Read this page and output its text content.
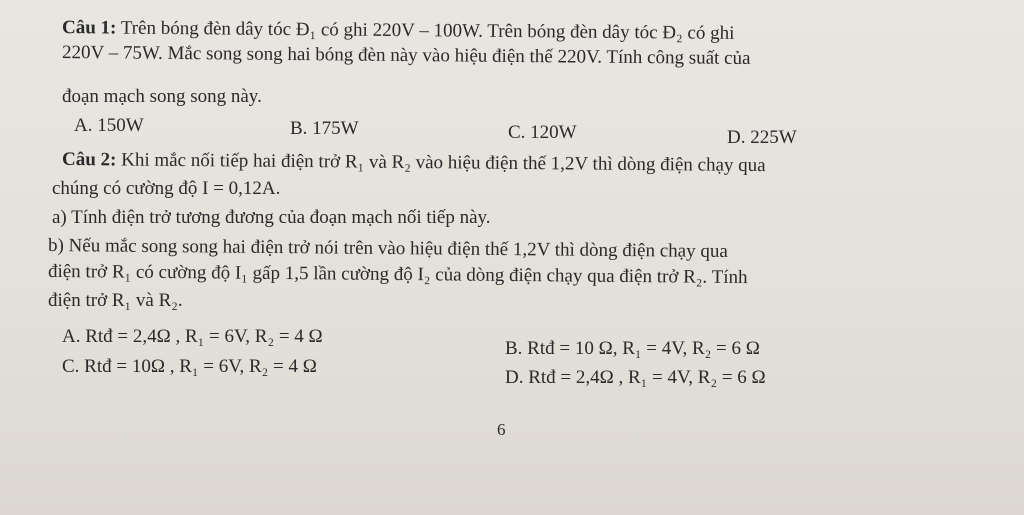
Câu 1: Trên bóng đèn dây tóc Đ₁ có ghi 220V – 100W. Trên bóng đèn dây tóc Đ₂ có ghi
220V – 75W. Mắc song song hai bóng đèn này vào hiệu điện thế 220V. Tính công suất của
đoạn mạch song song này.
A. 150W	B. 175W	C. 120W	D. 225W
Câu 2: Khi mắc nối tiếp hai điện trở R₁ và R₂ vào hiệu điện thế 1,2V thì dòng điện chạy qua
chúng có cường độ I = 0,12A.
a) Tính điện trở tương đương của đoạn mạch nối tiếp này.
b) Nếu mắc song song hai điện trở nói trên vào hiệu điện thế 1,2V thì dòng điện chạy qua
điện trở R₁ có cường độ I₁ gấp 1,5 lần cường độ I₂ của dòng điện chạy qua điện trở R₂. Tính
điện trở R₁ và R₂.
A. Rtđ = 2,4Ω , R₁ = 6V, R₂ = 4 Ω
B. Rtđ = 10 Ω, R₁ = 4V, R₂ = 6 Ω
C. Rtđ = 10Ω , R₁ = 6V, R₂ = 4 Ω
D. Rtđ = 2,4Ω , R₁ = 4V, R₂ = 6 Ω
6
